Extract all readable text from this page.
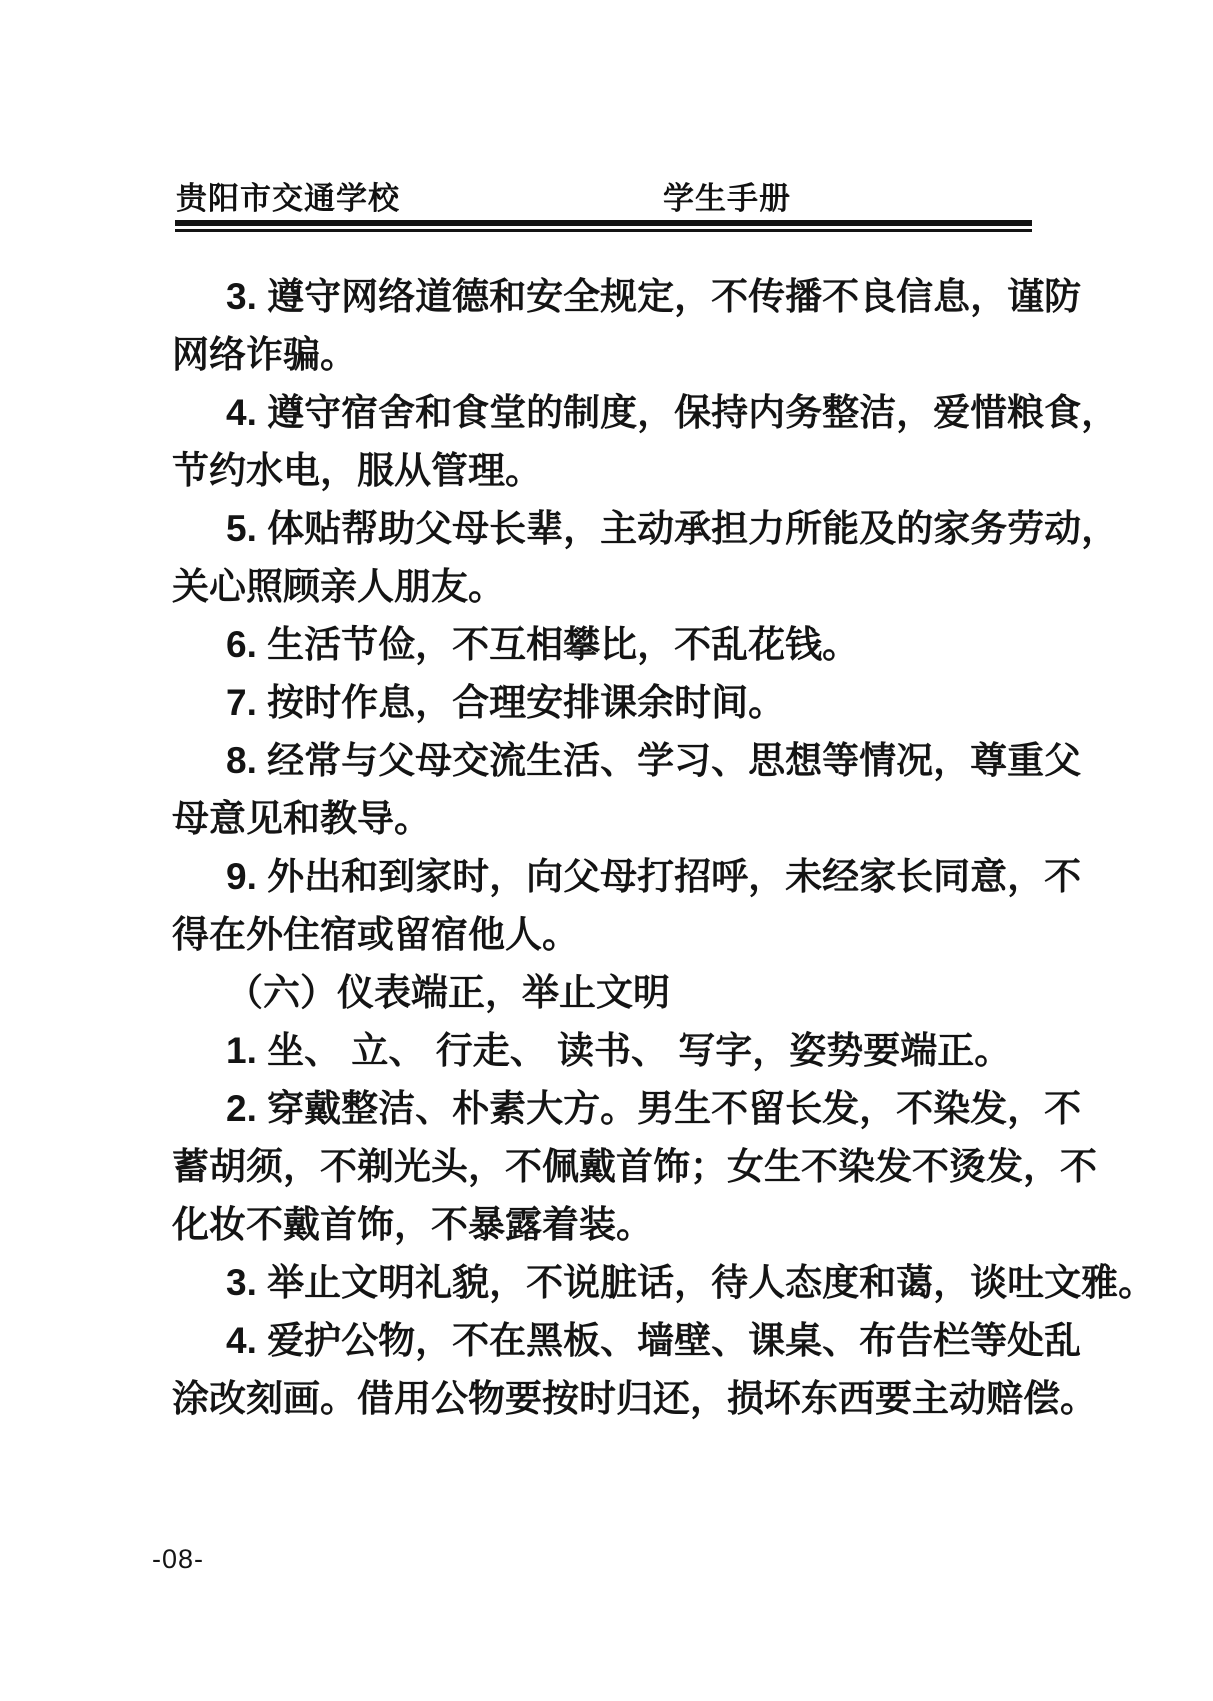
贵阳市交通学校	学生手册
3. 遵守网络道德和安全规定，不传播不良信息，谨防
网络诈骗。
4. 遵守宿舍和食堂的制度，保持内务整洁，爱惜粮食，
节约水电，服从管理。
5. 体贴帮助父母长辈，主动承担力所能及的家务劳动，
关心照顾亲人朋友。
6. 生活节俭，不互相攀比，不乱花钱。
7. 按时作息，合理安排课余时间。
8. 经常与父母交流生活、学习、思想等情况，尊重父
母意见和教导。
9. 外出和到家时，向父母打招呼，未经家长同意，不
得在外住宿或留宿他人。
（六）仪表端正，举止文明
1. 坐、 立、 行走、 读书、 写字，姿势要端正。
2. 穿戴整洁、朴素大方。男生不留长发，不染发，不
蓄胡须，不剃光头，不佩戴首饰；女生不染发不烫发，不
化妆不戴首饰，不暴露着装。
3. 举止文明礼貌，不说脏话，待人态度和蔼，谈吐文雅。
4. 爱护公物，不在黑板、墙壁、课桌、布告栏等处乱
涂改刻画。借用公物要按时归还，损坏东西要主动赔偿。
-08-
